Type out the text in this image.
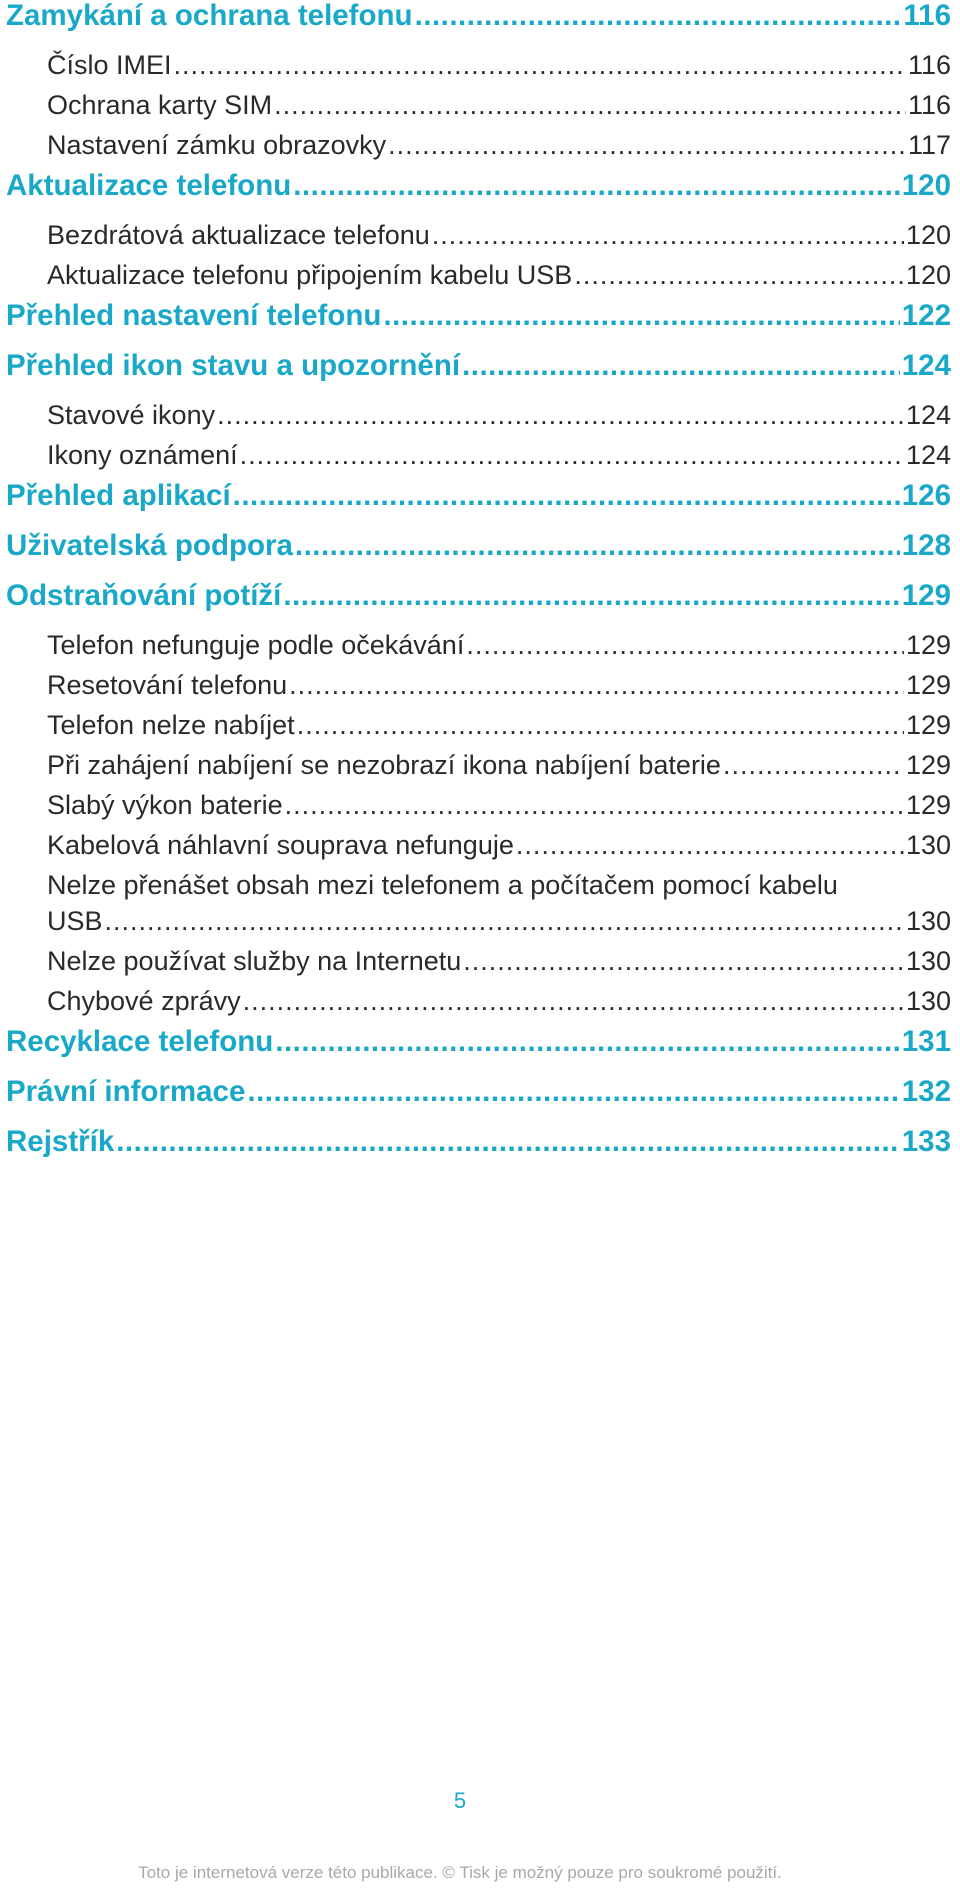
Zamykání a ochrana telefonu .....	116
Číslo IMEI .....	116
Ochrana karty SIM .....	116
Nastavení zámku obrazovky .....	117
Aktualizace telefonu .....	120
Bezdrátová aktualizace telefonu .....	120
Aktualizace telefonu připojením kabelu USB .....	120
Přehled nastavení telefonu .....	122
Přehled ikon stavu a upozornění .....	124
Stavové ikony .....	124
Ikony oznámení .....	124
Přehled aplikací .....	126
Uživatelská podpora .....	128
Odstraňování potíží .....	129
Telefon nefunguje podle očekávání .....	129
Resetování telefonu .....	129
Telefon nelze nabíjet .....	129
Při zahájení nabíjení se nezobrazí ikona nabíjení baterie .....	129
Slabý výkon baterie .....	129
Kabelová náhlavní souprava nefunguje .....	130
Nelze přenášet obsah mezi telefonem a počítačem pomocí kabelu
USB .....	130
Nelze používat služby na Internetu .....	130
Chybové zprávy .....	130
Recyklace telefonu .....	131
Právní informace .....	132
Rejstřík .....	133
5
Toto je internetová verze této publikace. © Tisk je možný pouze pro soukromé použití.
